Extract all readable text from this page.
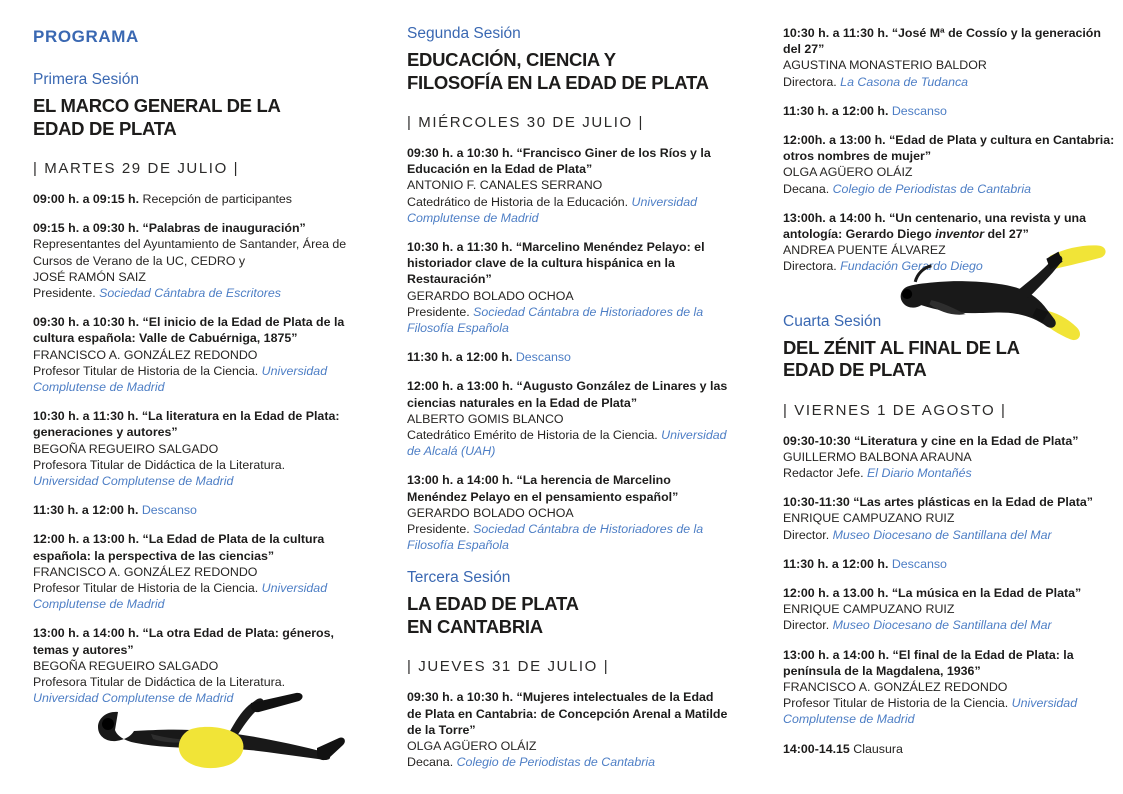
PROGRAMA
Primera Sesión
EL MARCO GENERAL DE LA
EDAD DE PLATA
| MARTES 29 DE JULIO |

09:00 h. a 09:15 h. Recepción de participantes

09:15 h. a 09:30 h. “Palabras de inauguración”

Representantes del Ayuntamiento de Santander, Área de Cursos de Verano de la UC, CEDRO y
JOSÉ RAMÓN SAIZ

Presidente. Sociedad Cántabra de Escritores

09:30 h. a 10:30 h. “El inicio de la Edad de Plata de la cultura española: Valle de Cabuérniga, 1875”

FRANCISCO A. GONZÁLEZ REDONDO

Profesor Titular de Historia de la Ciencia. Universidad Complutense de Madrid

10:30 h. a 11:30 h. “La literatura en la Edad de Plata: generaciones y autores”

BEGOÑA REGUEIRO SALGADO

Profesora Titular de Didáctica de la Literatura. Universidad Complutense de Madrid

11:30 h. a 12:00 h. Descanso

12:00 h. a 13:00 h. “La Edad de Plata de la cultura española: la perspectiva de las ciencias”

FRANCISCO A. GONZÁLEZ REDONDO

Profesor Titular de Historia de la Ciencia. Universidad Complutense de Madrid

13:00 h. a 14:00 h. “La otra Edad de Plata: géneros, temas y autores”

BEGOÑA REGUEIRO SALGADO

Profesora Titular de Didáctica de la Literatura. Universidad Complutense de Madrid

Segunda Sesión
EDUCACIÓN, CIENCIA Y
FILOSOFÍA EN LA EDAD DE PLATA
| MIÉRCOLES 30 DE JULIO |

09:30 h. a 10:30 h. “Francisco Giner de los Ríos y la Educación en la Edad de Plata”

ANTONIO F. CANALES SERRANO

Catedrático de Historia de la Educación. Universidad Complutense de Madrid

10:30 h. a 11:30 h. “Marcelino Menéndez Pelayo: el historiador clave de la cultura hispánica en la Restauración”

GERARDO BOLADO OCHOA

Presidente. Sociedad Cántabra de Historiadores de la Filosofía Española

11:30 h. a 12:00 h. Descanso

12:00 h. a 13:00 h. “Augusto González de Linares y las ciencias naturales en la Edad de Plata”

ALBERTO GOMIS BLANCO

Catedrático Emérito de Historia de la Ciencia. Universidad de Alcalá (UAH)

13:00 h. a 14:00 h. “La herencia de Marcelino Menéndez Pelayo en el pensamiento español”

GERARDO BOLADO OCHOA

Presidente. Sociedad Cántabra de Historiadores de la Filosofía Española

Tercera Sesión
LA EDAD DE PLATA
EN CANTABRIA
| JUEVES 31 DE JULIO |

09:30 h. a 10:30 h. “Mujeres intelectuales de la Edad de Plata en Cantabria: de Concepción Arenal a Matilde de la Torre”

OLGA AGÜERO OLÁIZ

Decana. Colegio de Periodistas de Cantabria

10:30 h. a 11:30 h. “José Mª de Cossío y la generación del 27”

AGUSTINA MONASTERIO BALDOR

Directora. La Casona de Tudanca

11:30 h. a 12:00 h. Descanso

12:00h. a 13:00 h. “Edad de Plata y cultura en Cantabria: otros nombres de mujer”

OLGA AGÜERO OLÁIZ

Decana. Colegio de Periodistas de Cantabria

13:00h. a 14:00 h. “Un centenario, una revista y una antología: Gerardo Diego inventor del 27”

ANDREA PUENTE ÁLVAREZ

Directora. Fundación Gerardo Diego

Cuarta Sesión
DEL ZÉNIT AL FINAL DE LA
EDAD DE PLATA
| VIERNES 1 DE AGOSTO |

09:30-10:30 “Literatura y cine en la Edad de Plata”

GUILLERMO BALBONA ARAUNA

Redactor Jefe. El Diario Montañés

10:30-11:30 “Las artes plásticas en la Edad de Plata”

ENRIQUE CAMPUZANO RUIZ

Director. Museo Diocesano de Santillana del Mar

11:30 h. a 12:00 h. Descanso

12:00 h. a 13.00 h. “La música en la Edad de Plata”

ENRIQUE CAMPUZANO RUIZ

Director. Museo Diocesano de Santillana del Mar

13:00 h. a 14:00 h. “El final de la Edad de Plata: la península de la Magdalena, 1936”

FRANCISCO A. GONZÁLEZ REDONDO

Profesor Titular de Historia de la Ciencia. Universidad Complutense de Madrid

14:00-14.15 Clausura
